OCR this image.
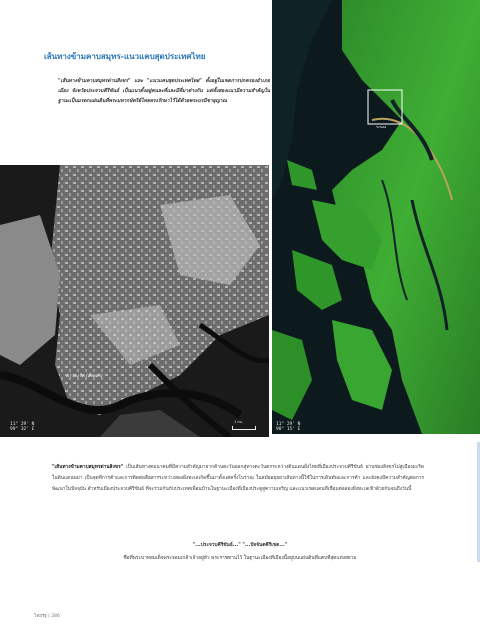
เส้นทางข้ามคาบสมุทร-แนวแคบสุดประเทศไทย

"เส้นทางข้ามคาบสมุทรด่านสิงขร" และ "แนวแคบสุดประเทศไทย" ตั้งอยู่ในเขตการปกครองอำเภอเมือง จังหวัดประจวบคีรีขันธ์ เป็นแนวตั้งอยู่คนละที่และมีที่มาต่างกัน แต่ทั้งสองแนวมีความสำคัญในฐานะเป็นมรดกแผ่นดินที่พระมหากษัตริย์ไทยทรงรักษาไว้ได้ด้วยพระบรมีชายุญาณ

ระนอง
11° 29' N
98° 15' E
อ่าวมะริด (ฝั่งพม่า)
1 กม.
11° 29' N
99° 32' E

"เส้นทางข้ามคาบสมุทรด่านสิงขร" เป็นเส้นทางคมนาคมที่มีความสำคัญมาจากด้านตะวันออกสู่ทางตะวันตกระหว่างดินแดนฝั่งไทยที่เมืองประจวบคีรีขันธ์ ผ่านช่องสิงขรไปสู่เมืองมะริดในดินแดนพม่า เป็นจุดที่การค้าและการติดต่อสื่อสารระหว่างสองฝั่งทะเลเกิดขึ้นมาตั้งแต่ครั้งโบราณ ในสมัยอยุธยาเส้นทางนี้ใช้ในการเดินทัพและการค้า และยังคงมีความสำคัญต่อการพัฒนาในปัจจุบัน สำหรับเมืองประจวบคีรีขันธ์ ที่จะร่วมกันกับประเทศเพื่อนบ้านในฐานะเมืองที่เมืองประตูสู่ความเจริญ และแนวเขตแดนที่เชื่อมต่อสองฝั่งทะเลเข้าด้วยกันจนถึงวันนี้

"...ประจวบคีรีขันธ์..." "...ปัจจันตคีรีเขต..."
ชื่อที่พระบาทสมเด็จพระจอมเกล้าเจ้าอยู่หัว พระราชทานไว้ ในฐานะเมืองที่เมืองนี้อยู่บนแผ่นดินที่แคบที่สุดแห่งสยาม
ไทยรัฐ | 286
